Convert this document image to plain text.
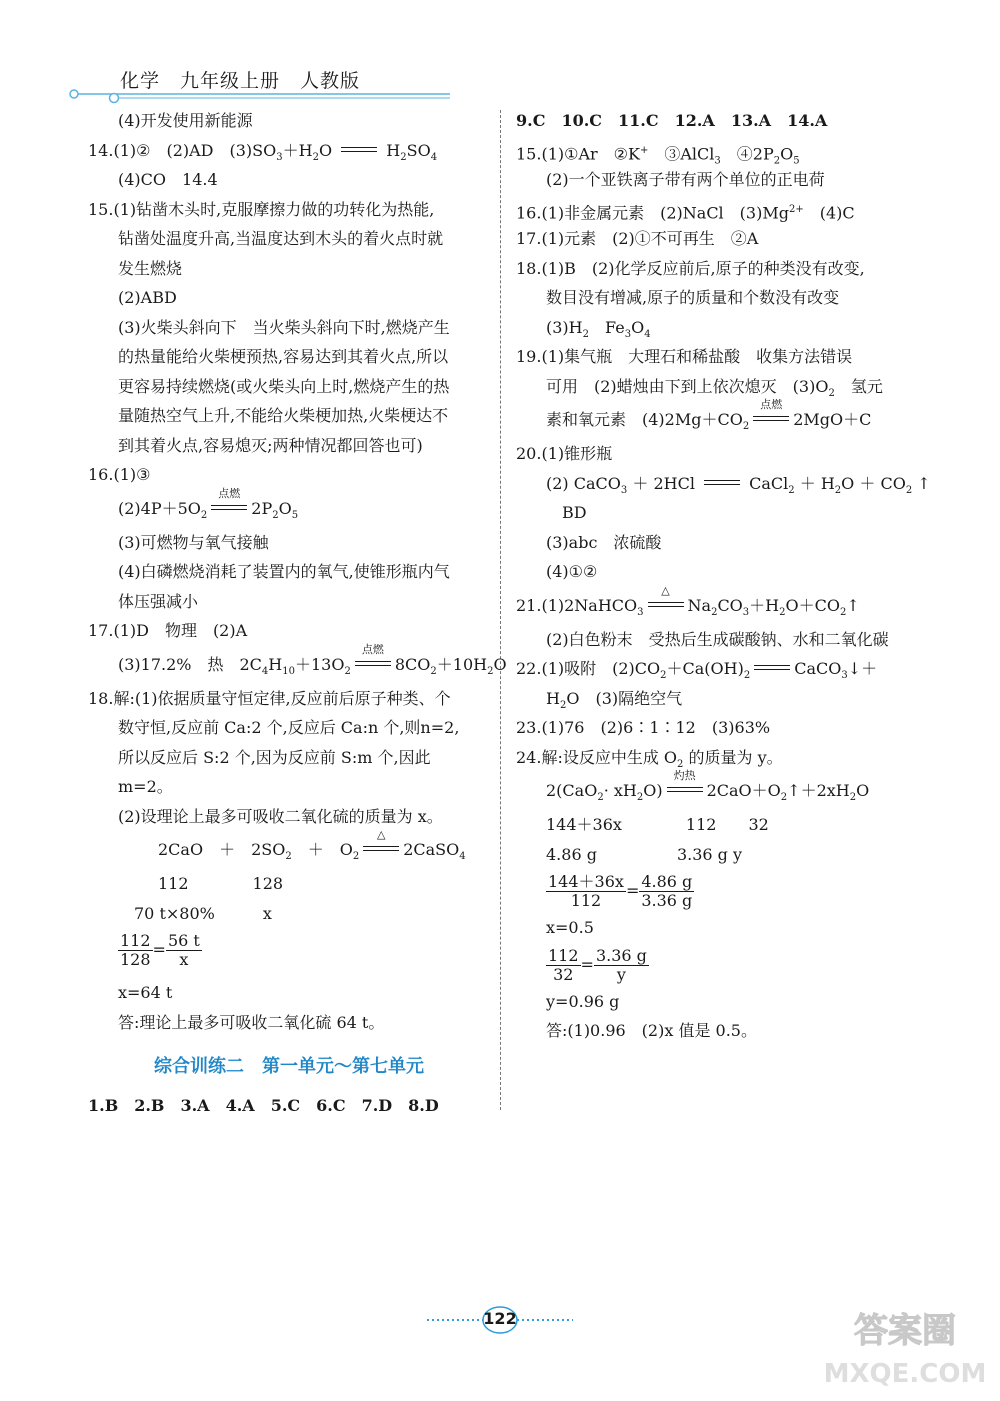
化学　九年级上册　人教版
(4)开发使用新能源
14.(1)②　(2)AD　$(3)SO_3+H_2O$	$H_2SO_4$
(4)CO　14.4
15.(1)钻凿木头时,克服摩擦力做的功转化为热能,
钻凿处温度升高,当温度达到木头的着火点时就
发生燃烧
(2)ABD
(3)火柴头斜向下　当火柴头斜向下时,燃烧产生
的热量能给火柴梗预热,容易达到其着火点,所以
更容易持续燃烧(或火柴头向上时,燃烧产生的热
量随热空气上升,不能给火柴梗加热,火柴梗达不
到其着火点,容易熄灭;两种情况都回答也可)
16.(1)③
$(2)4P+5O_2$
点燃
$2P_2O_5$
(3)可燃物与氧气接触
(4)白磷燃烧消耗了装置内的氧气,使锥形瓶内气
体压强减小
17.(1)D　物理　(2)A
(3)17.2%　热　$2C_4H_{10}+13O_2$
点燃
$8CO_2+10H_2O$
18.解:(1)依据质量守恒定律,反应前后原子种类、个
数守恒,反应前 Ca:2 个,反应后 Ca:n 个,则n=2,
所以反应后 S:2 个,因为反应前 S:m 个,因此
m=2。
(2)设理论上最多可吸收二氧化硫的质量为 x。
2CaO　＋　$2SO_2$　＋　$O_2$
△
2CaSO$_4$
112　　　　128
70 t×80%　　　x
$\frac{112}{128} = \frac{56 t}{x}$
x=64 t
答:理论上最多可吸收二氧化硫 64 t。
综合训练二　第一单元～第七单元
1.B　2.B　3.A　4.A　5.C　6.C　7.D　8.D
9.C　10.C　11.C　12.A　13.A　14.A
15.(1)①Ar　②K+　③AlCl$_3$　$④2P_2O_5$
(2)一个亚铁离子带有两个单位的正电荷
16.(1)非金属元素　(2)NaCl　$(3)Mg^{2+}$　(4)C
17.(1)元素　(2)①不可再生　②A
18.(1)B　(2)化学反应前后,原子的种类没有改变,
数目没有增减,原子的质量和个数没有改变
$(3)H_2$　$Fe_3O_4$
19.(1)集气瓶　大理石和稀盐酸　收集方法错误
可用　(2)蜡烛由下到上依次熄灭　$(3)O_2$　氢元
素和氧元素　$(4)2Mg+CO_2$
点燃
2MgO＋C
20.(1)锥形瓶
(2) CaCO$_3$ ＋ 2HCl	CaCl$_2$ ＋ $H_2O + CO_2$ ↑
BD
(3)abc　浓硫酸
(4)①②
21.(1)2NaHCO$_3$
△
$Na_2CO_3+H_2O+CO_2↑$
(2)白色粉末　受热后生成碳酸钠、水和二氧化碳
22.(1)吸附　$(2)CO_2+Ca(OH)_2$	CaCO$_3$↓＋
$H_2O$　(3)隔绝空气
23.(1)76　(2)6∶1∶12　(3)63%
24.解:设反应中生成 $O_2$ 的质量为 y。
$2(CaO_2\cdot xH_2O)$
灼热
$2CaO+O_2↑+2xH_2O$
144＋36x　　　　112　　32
4.86 g　　　　　3.36 g y
$\frac{144+36x}{112} = \frac{4.86 g}{3.36 g}$
x=0.5
$\frac{112}{32} = \frac{3.36 g}{y}$
y=0.96 g
答:(1)0.96　(2)x 值是 0.5。
122	答案圈
MXQE.COM
